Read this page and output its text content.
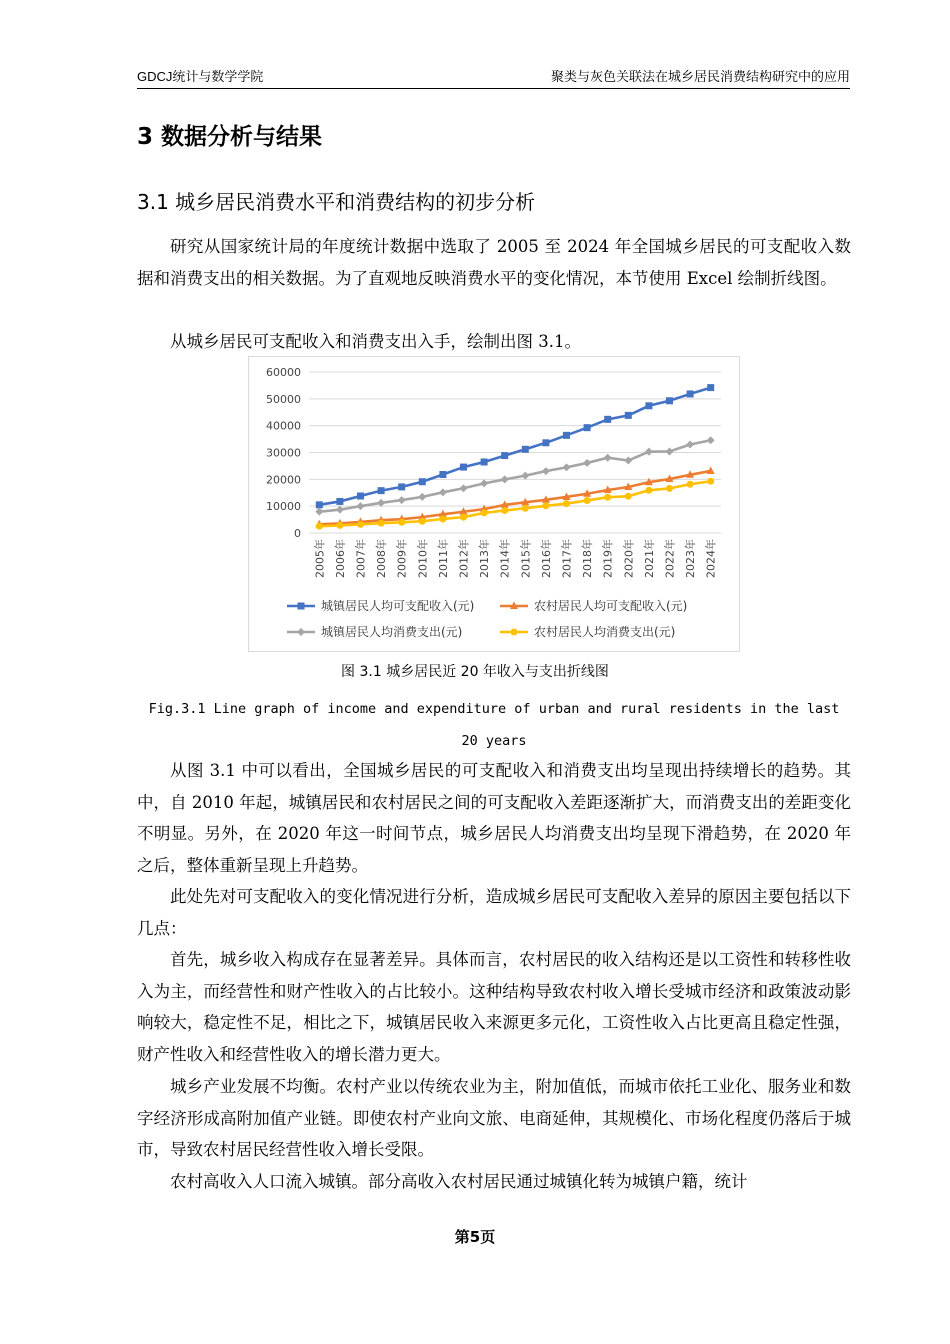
GDCJ统计与数学学院	聚类与灰色关联法在城乡居民消费结构研究中的应用
3 数据分析与结果
3.1 城乡居民消费水平和消费结构的初步分析

研究从国家统计局的年度统计数据中选取了 2005 至 2024 年全国城乡居民的可支配收入数据和消费支出的相关数据。为了直观地反映消费水平的变化情况，本节使用 Excel 绘制折线图。

从城乡居民可支配收入和消费支出入手，绘制出图 3.1。

0
10000
20000
30000
40000
50000
60000
2005年 2006年 2007年 2008年 2009年 2010年 2011年 2012年 2013年 2014年 2015年 2016年 2017年 2018年 2019年 2020年 2021年 2022年 2023年 2024年
城镇居民人均可支配收入(元)	农村居民人均可支配收入(元)
城镇居民人均消费支出(元)	农村居民人均消费支出(元)
图 3.1 城乡居民近 20 年收入与支出折线图

Fig.3.1 Line graph of income and expenditure of urban and rural residents in the last 20 years

从图 3.1 中可以看出，全国城乡居民的可支配收入和消费支出均呈现出持续增长的趋势。其中，自 2010 年起，城镇居民和农村居民之间的可支配收入差距逐渐扩大，而消费支出的差距变化不明显。另外，在 2020 年这一时间节点，城乡居民人均消费支出均呈现下滑趋势，在 2020 年之后，整体重新呈现上升趋势。

此处先对可支配收入的变化情况进行分析，造成城乡居民可支配收入差异的原因主要包括以下几点：

首先，城乡收入构成存在显著差异。具体而言，农村居民的收入结构还是以工资性和转移性收入为主，而经营性和财产性收入的占比较小。这种结构导致农村收入增长受城市经济和政策波动影响较大，稳定性不足，相比之下，城镇居民收入来源更多元化，工资性收入占比更高且稳定性强，财产性收入和经营性收入的增长潜力更大。

城乡产业发展不均衡。农村产业以传统农业为主，附加值低，而城市依托工业化、服务业和数字经济形成高附加值产业链。即使农村产业向文旅、电商延伸，其规模化、市场化程度仍落后于城市，导致农村居民经营性收入增长受限。

农村高收入人口流入城镇。部分高收入农村居民通过城镇化转为城镇户籍，统计

第5页
